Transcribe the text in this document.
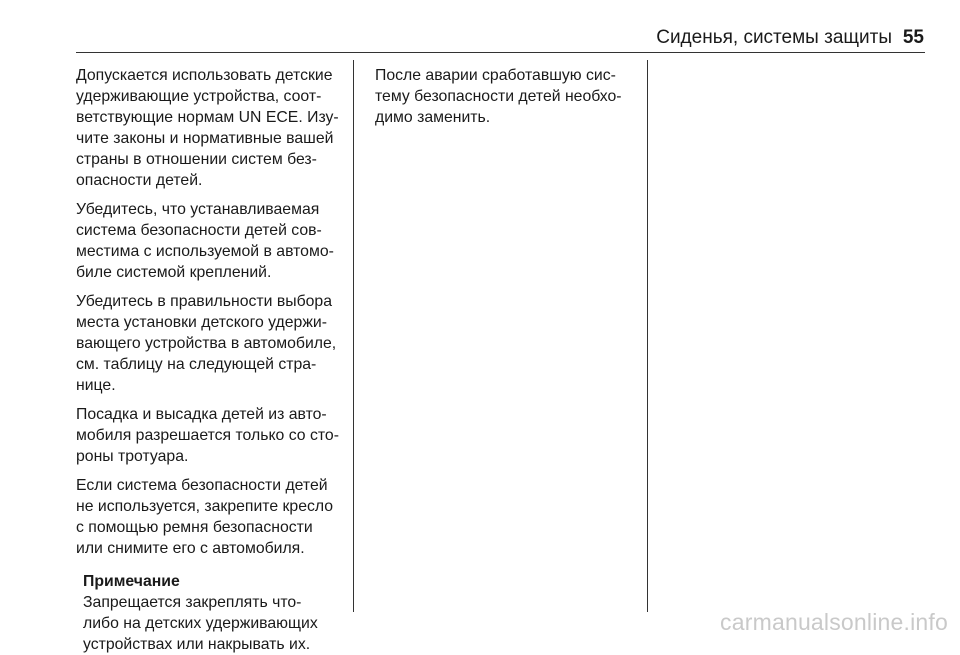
Сиденья, системы защиты 55

Допускается использовать детские
удерживающие устройства, соот-
ветствующие нормам UN ECE. Изу-
чите законы и нормативные вашей
страны в отношении систем без-
опасности детей.

Убедитесь, что устанавливаемая
система безопасности детей сов-
местима с используемой в автомо-
биле системой креплений.

Убедитесь в правильности выбора
места установки детского удержи-
вающего устройства в автомобиле,
см. таблицу на следующей стра-
нице.

Посадка и высадка детей из авто-
мобиля разрешается только со сто-
роны тротуара.

Если система безопасности детей
не используется, закрепите кресло
с помощью ремня безопасности
или снимите его с автомобиля.

Примечание

Запрещается закреплять что-
либо на детских удерживающих
устройствах или накрывать их.

После аварии сработавшую сис-
тему безопасности детей необхо-
димо заменить.

carmanualsonline.info
